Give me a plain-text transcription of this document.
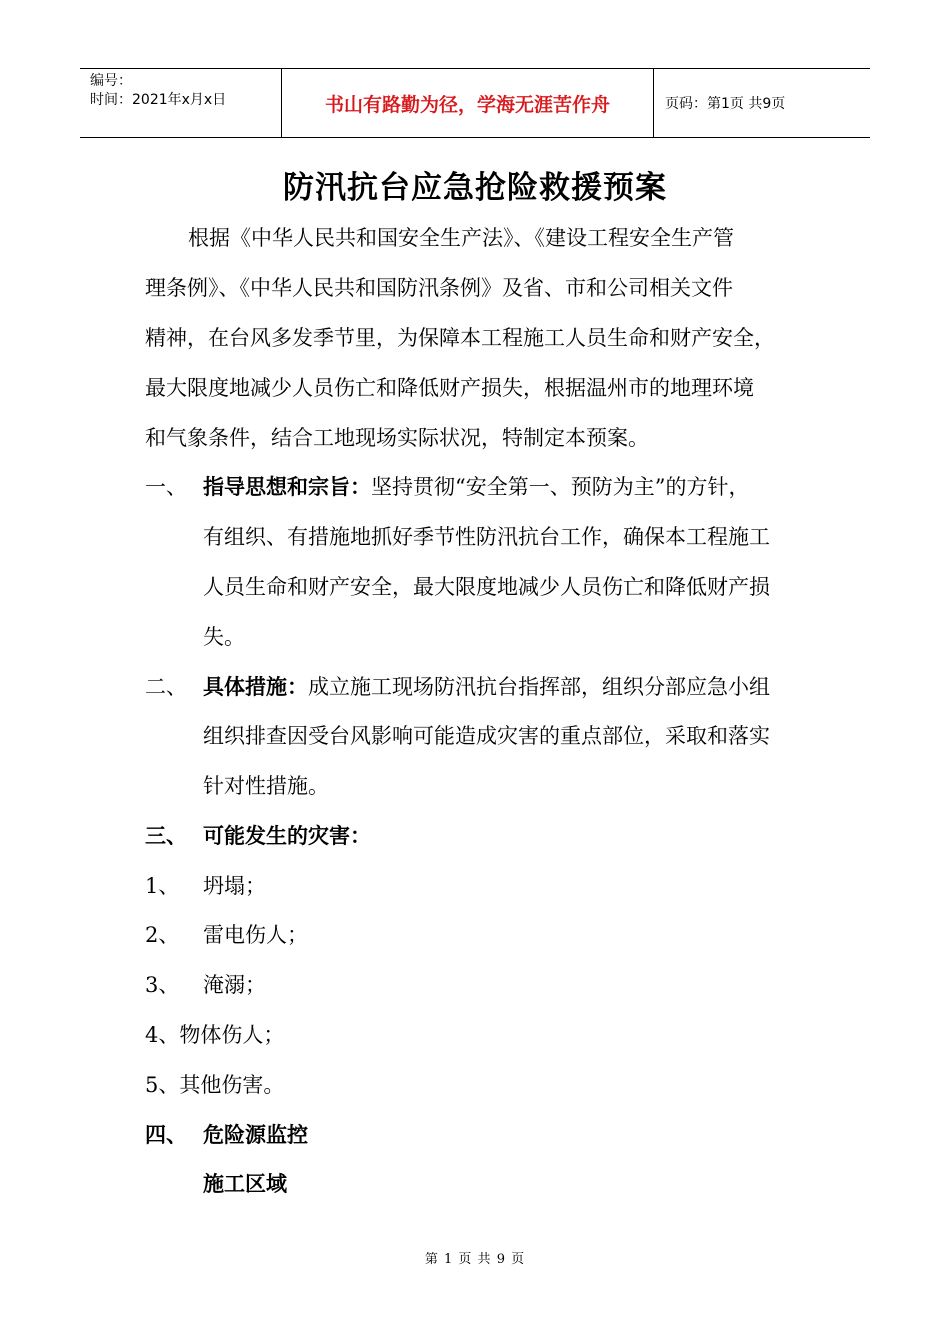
编号：
时间：2021年x月x日	书山有路勤为径，学海无涯苦作舟	页码：第1页 共9页
防汛抗台应急抢险救援预案
根据《中华人民共和国安全生产法》、《建设工程安全生产管
理条例》、《中华人民共和国防汛条例》及省、市和公司相关文件
精神，在台风多发季节里，为保障本工程施工人员生命和财产安全，
最大限度地减少人员伤亡和降低财产损失，根据温州市的地理环境
和气象条件，结合工地现场实际状况，特制定本预案。
一、 指导思想和宗旨：坚持贯彻“安全第一、预防为主”的方针，
有组织、有措施地抓好季节性防汛抗台工作，确保本工程施工
人员生命和财产安全，最大限度地减少人员伤亡和降低财产损
失。
二、 具体措施：成立施工现场防汛抗台指挥部，组织分部应急小组
组织排查因受台风影响可能造成灾害的重点部位，采取和落实
针对性措施。
三、 可能发生的灾害：
1、 坍塌；
2、 雷电伤人；
3、 淹溺；
4、物体伤人；
5、其他伤害。
四、 危险源监控
施工区域
第 1 页 共 9 页
